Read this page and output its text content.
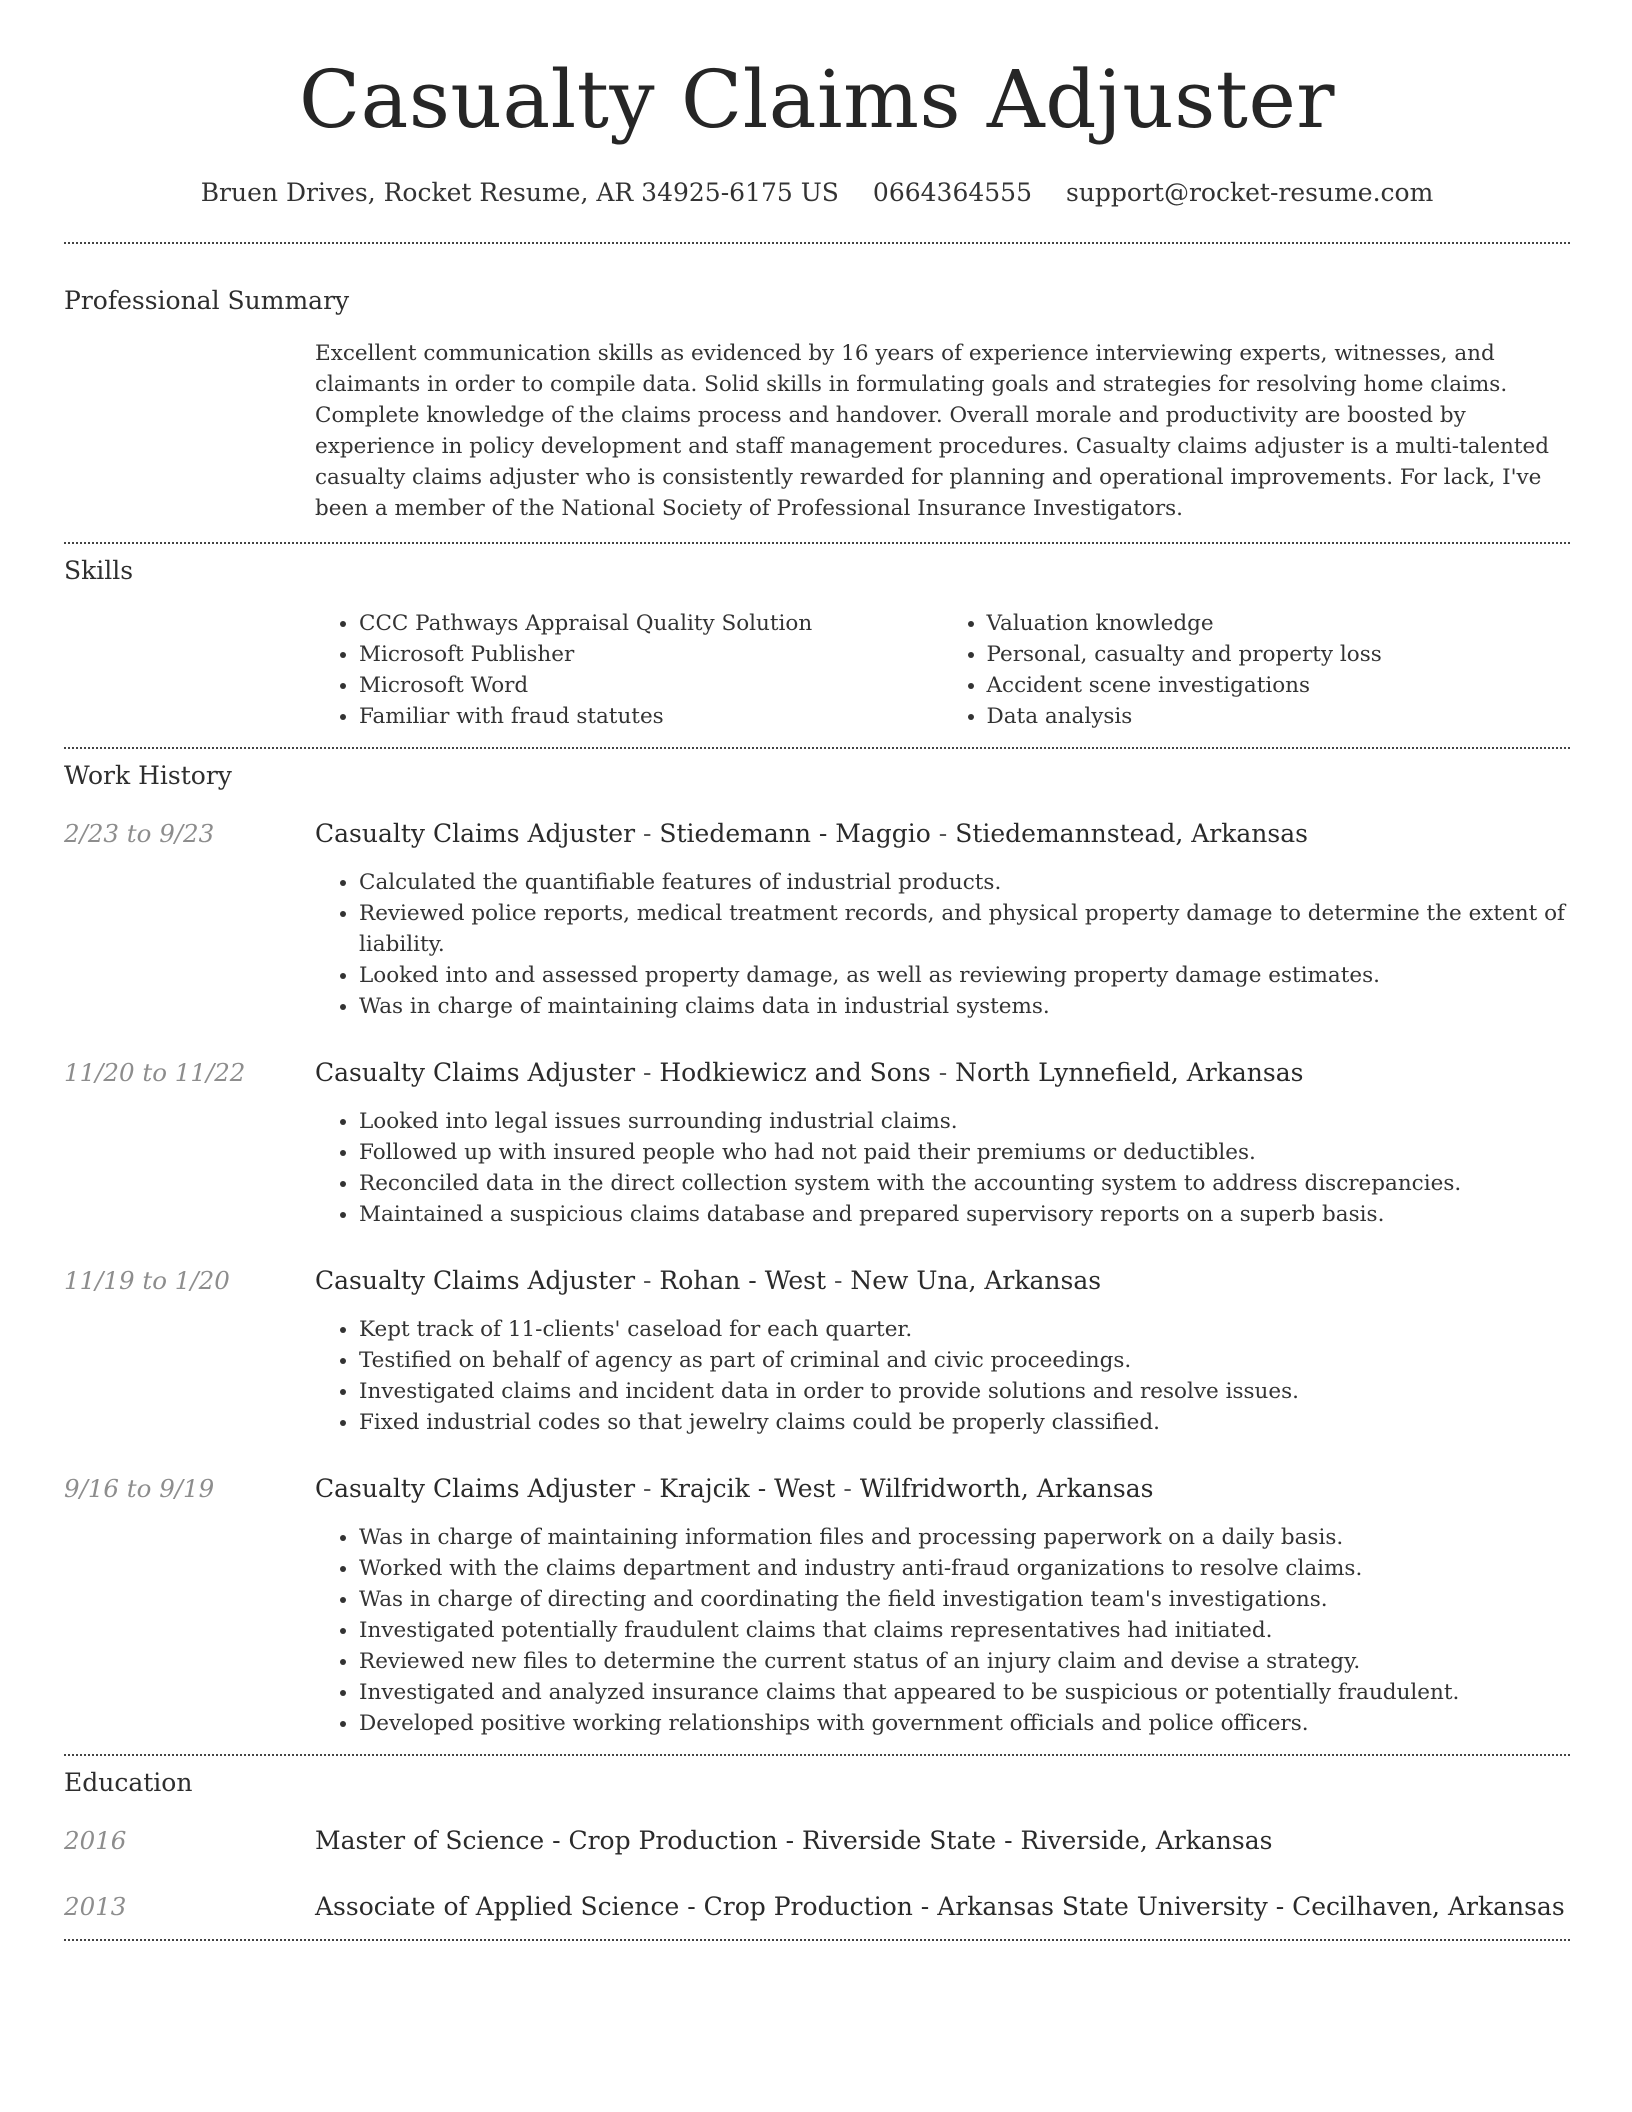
Casualty Claims Adjuster
Bruen Drives, Rocket Resume, AR 34925-6175 US 0664364555 support@rocket-resume.com
Professional Summary
Excellent communication skills as evidenced by 16 years of experience interviewing experts, witnesses, and claimants in order to compile data. Solid skills in formulating goals and strategies for resolving home claims. Complete knowledge of the claims process and handover. Overall morale and productivity are boosted by experience in policy development and staff management procedures. Casualty claims adjuster is a multi-talented casualty claims adjuster who is consistently rewarded for planning and operational improvements. For lack, I've been a member of the National Society of Professional Insurance Investigators.
Skills
• CCC Pathways Appraisal Quality Solution
• Microsoft Publisher
• Microsoft Word
• Familiar with fraud statutes
• Valuation knowledge
• Personal, casualty and property loss
• Accident scene investigations
• Data analysis
Work History
2/23 to 9/23	Casualty Claims Adjuster - Stiedemann - Maggio - Stiedemannstead, Arkansas
• Calculated the quantifiable features of industrial products.
• Reviewed police reports, medical treatment records, and physical property damage to determine the extent of liability.
• Looked into and assessed property damage, as well as reviewing property damage estimates.
• Was in charge of maintaining claims data in industrial systems.
11/20 to 11/22	Casualty Claims Adjuster - Hodkiewicz and Sons - North Lynnefield, Arkansas
• Looked into legal issues surrounding industrial claims.
• Followed up with insured people who had not paid their premiums or deductibles.
• Reconciled data in the direct collection system with the accounting system to address discrepancies.
• Maintained a suspicious claims database and prepared supervisory reports on a superb basis.
11/19 to 1/20	Casualty Claims Adjuster - Rohan - West - New Una, Arkansas
• Kept track of 11-clients' caseload for each quarter.
• Testified on behalf of agency as part of criminal and civic proceedings.
• Investigated claims and incident data in order to provide solutions and resolve issues.
• Fixed industrial codes so that jewelry claims could be properly classified.
9/16 to 9/19	Casualty Claims Adjuster - Krajcik - West - Wilfridworth, Arkansas
• Was in charge of maintaining information files and processing paperwork on a daily basis.
• Worked with the claims department and industry anti-fraud organizations to resolve claims.
• Was in charge of directing and coordinating the field investigation team's investigations.
• Investigated potentially fraudulent claims that claims representatives had initiated.
• Reviewed new files to determine the current status of an injury claim and devise a strategy.
• Investigated and analyzed insurance claims that appeared to be suspicious or potentially fraudulent.
• Developed positive working relationships with government officials and police officers.
Education
2016	Master of Science - Crop Production - Riverside State - Riverside, Arkansas
2013	Associate of Applied Science - Crop Production - Arkansas State University - Cecilhaven, Arkansas
